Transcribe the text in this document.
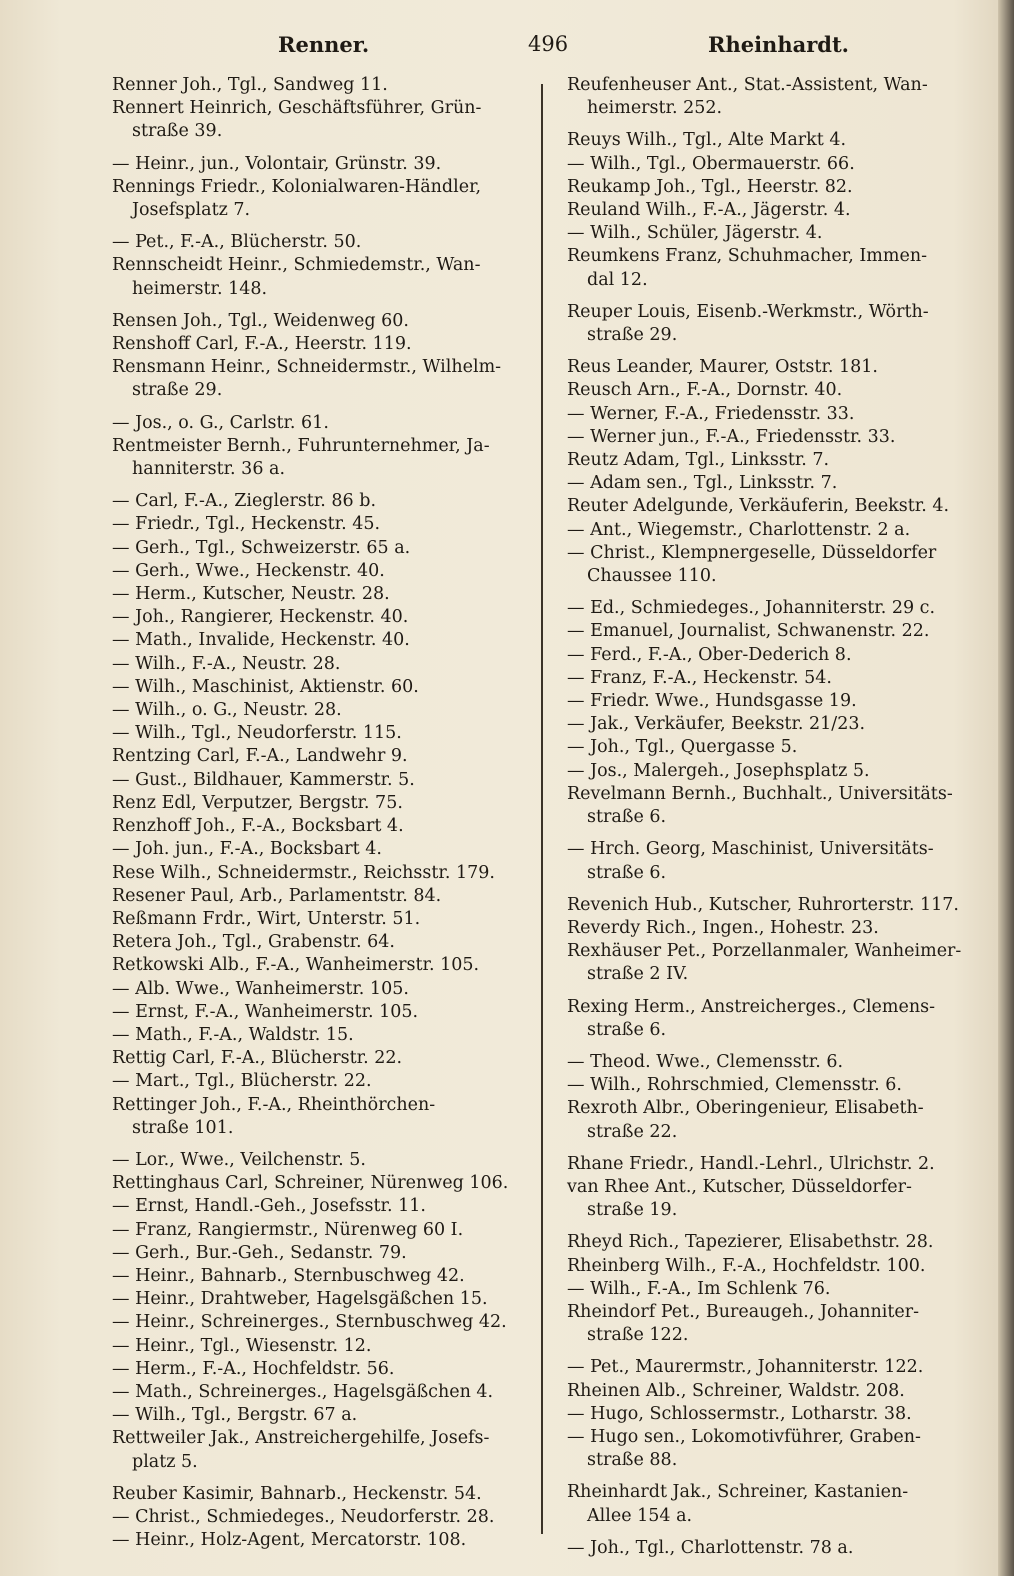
Renner.	496	Rheinhardt.
Renner Joh., Tgl., Sandweg 11.
Rennert Heinrich, Geschäftsführer, Grün-
straße 39.
— Heinr., jun., Volontair, Grünstr. 39.
Rennings Friedr., Kolonialwaren-Händler,
Josefsplatz 7.
— Pet., F.-A., Blücherstr. 50.
Rennscheidt Heinr., Schmiedemstr., Wan-
heimerstr. 148.
Rensen Joh., Tgl., Weidenweg 60.
Renshoff Carl, F.-A., Heerstr. 119.
Rensmann Heinr., Schneidermstr., Wilhelm-
straße 29.
— Jos., o. G., Carlstr. 61.
Rentmeister Bernh., Fuhrunternehmer, Ja-
hanniterstr. 36 a.
— Carl, F.-A., Zieglerstr. 86 b.
— Friedr., Tgl., Heckenstr. 45.
— Gerh., Tgl., Schweizerstr. 65 a.
— Gerh., Wwe., Heckenstr. 40.
— Herm., Kutscher, Neustr. 28.
— Joh., Rangierer, Heckenstr. 40.
— Math., Invalide, Heckenstr. 40.
— Wilh., F.-A., Neustr. 28.
— Wilh., Maschinist, Aktienstr. 60.
— Wilh., o. G., Neustr. 28.
— Wilh., Tgl., Neudorferstr. 115.
Rentzing Carl, F.-A., Landwehr 9.
— Gust., Bildhauer, Kammerstr. 5.
Renz Edl, Verputzer, Bergstr. 75.
Renzhoff Joh., F.-A., Bocksbart 4.
— Joh. jun., F.-A., Bocksbart 4.
Rese Wilh., Schneidermstr., Reichsstr. 179.
Resener Paul, Arb., Parlamentstr. 84.
Reßmann Frdr., Wirt, Unterstr. 51.
Retera Joh., Tgl., Grabenstr. 64.
Retkowski Alb., F.-A., Wanheimerstr. 105.
— Alb. Wwe., Wanheimerstr. 105.
— Ernst, F.-A., Wanheimerstr. 105.
— Math., F.-A., Waldstr. 15.
Rettig Carl, F.-A., Blücherstr. 22.
— Mart., Tgl., Blücherstr. 22.
Rettinger Joh., F.-A., Rheinthörchen-
straße 101.
— Lor., Wwe., Veilchenstr. 5.
Rettinghaus Carl, Schreiner, Nürenweg 106.
— Ernst, Handl.-Geh., Josefsstr. 11.
— Franz, Rangiermstr., Nürenweg 60 I.
— Gerh., Bur.-Geh., Sedanstr. 79.
— Heinr., Bahnarb., Sternbuschweg 42.
— Heinr., Drahtweber, Hagelsgäßchen 15.
— Heinr., Schreinerges., Sternbuschweg 42.
— Heinr., Tgl., Wiesenstr. 12.
— Herm., F.-A., Hochfeldstr. 56.
— Math., Schreinerges., Hagelsgäßchen 4.
— Wilh., Tgl., Bergstr. 67 a.
Rettweiler Jak., Anstreichergehilfe, Josefs-
platz 5.
Reuber Kasimir, Bahnarb., Heckenstr. 54.
— Christ., Schmiedeges., Neudorferstr. 28.
— Heinr., Holz-Agent, Mercatorstr. 108.
Reufenheuser Ant., Stat.-Assistent, Wan-
heimerstr. 252.
Reuys Wilh., Tgl., Alte Markt 4.
— Wilh., Tgl., Obermauerstr. 66.
Reukamp Joh., Tgl., Heerstr. 82.
Reuland Wilh., F.-A., Jägerstr. 4.
— Wilh., Schüler, Jägerstr. 4.
Reumkens Franz, Schuhmacher, Immen-
dal 12.
Reuper Louis, Eisenb.-Werkmstr., Wörth-
straße 29.
Reus Leander, Maurer, Oststr. 181.
Reusch Arn., F.-A., Dornstr. 40.
— Werner, F.-A., Friedensstr. 33.
— Werner jun., F.-A., Friedensstr. 33.
Reutz Adam, Tgl., Linksstr. 7.
— Adam sen., Tgl., Linksstr. 7.
Reuter Adelgunde, Verkäuferin, Beekstr. 4.
— Ant., Wiegemstr., Charlottenstr. 2 a.
— Christ., Klempnergeselle, Düsseldorfer
Chaussee 110.
— Ed., Schmiedeges., Johanniterstr. 29 c.
— Emanuel, Journalist, Schwanenstr. 22.
— Ferd., F.-A., Ober-Dederich 8.
— Franz, F.-A., Heckenstr. 54.
— Friedr. Wwe., Hundsgasse 19.
— Jak., Verkäufer, Beekstr. 21/23.
— Joh., Tgl., Quergasse 5.
— Jos., Malergeh., Josephsplatz 5.
Revelmann Bernh., Buchhalt., Universitäts-
straße 6.
— Hrch. Georg, Maschinist, Universitäts-
straße 6.
Revenich Hub., Kutscher, Ruhrorterstr. 117.
Reverdy Rich., Ingen., Hohestr. 23.
Rexhäuser Pet., Porzellanmaler, Wanheimer-
straße 2 IV.
Rexing Herm., Anstreicherges., Clemens-
straße 6.
— Theod. Wwe., Clemensstr. 6.
— Wilh., Rohrschmied, Clemensstr. 6.
Rexroth Albr., Oberingenieur, Elisabeth-
straße 22.
Rhane Friedr., Handl.-Lehrl., Ulrichstr. 2.
van Rhee Ant., Kutscher, Düsseldorfer-
straße 19.
Rheyd Rich., Tapezierer, Elisabethstr. 28.
Rheinberg Wilh., F.-A., Hochfeldstr. 100.
— Wilh., F.-A., Im Schlenk 76.
Rheindorf Pet., Bureaugeh., Johanniter-
straße 122.
— Pet., Maurermstr., Johanniterstr. 122.
Rheinen Alb., Schreiner, Waldstr. 208.
— Hugo, Schlossermstr., Lotharstr. 38.
— Hugo sen., Lokomotivführer, Graben-
straße 88.
Rheinhardt Jak., Schreiner, Kastanien-
Allee 154 a.
— Joh., Tgl., Charlottenstr. 78 a.
